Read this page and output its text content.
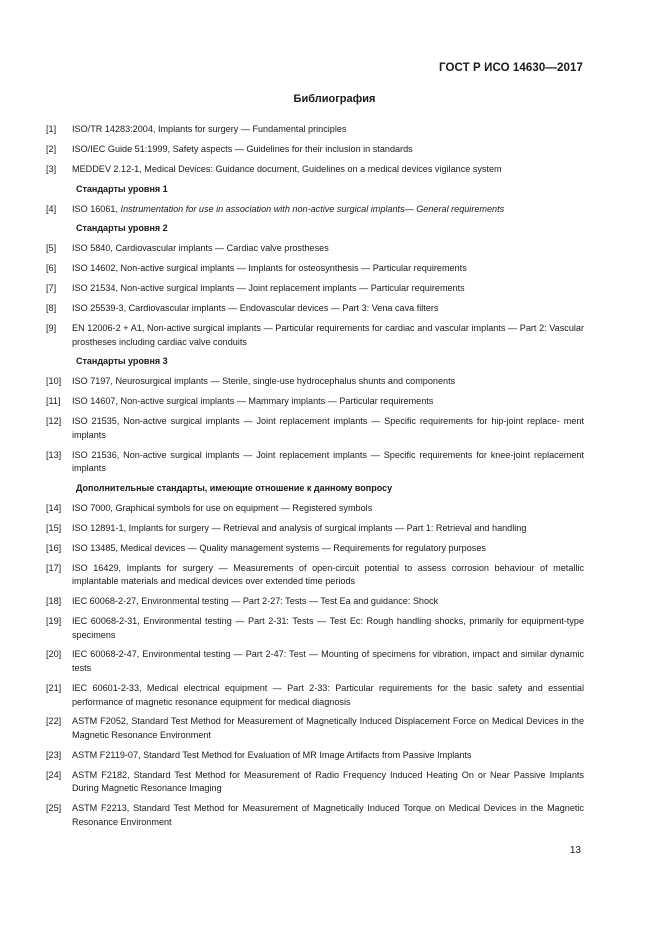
ГОСТ Р ИСО 14630—2017
Библиография
[1]	ISO/TR 14283:2004, Implants for surgery — Fundamental principles
[2]	ISO/IEC Guide 51:1999, Safety aspects — Guidelines for their inclusion in standards
[3]	MEDDEV 2.12-1, Medical Devices: Guidance document, Guidelines on a medical devices vigilance system
Стандарты уровня 1
[4]	ISO 16061, Instrumentation for use in association with non-active surgical implants— General requirements
Стандарты уровня 2
[5]	ISO 5840, Cardiovascular implants — Cardiac valve prostheses
[6]	ISO 14602, Non-active surgical implants — Implants for osteosynthesis — Particular requirements
[7]	ISO 21534, Non-active surgical implants — Joint replacement implants — Particular requirements
[8]	ISO 25539-3, Cardiovascular implants — Endovascular devices — Part 3: Vena cava filters
[9]	EN 12006-2 + A1, Non-active surgical implants — Particular requirements for cardiac and vascular implants — Part 2: Vascular prostheses including cardiac valve conduits
Стандарты уровня 3
[10]	ISO 7197, Neurosurgical implants — Sterile, single-use hydrocephalus shunts and components
[11]	ISO 14607, Non-active surgical implants — Mammary implants — Particular requirements
[12]	ISO 21535, Non-active surgical implants — Joint replacement implants — Specific requirements for hip-joint replace- ment implants
[13]	ISO 21536, Non-active surgical implants — Joint replacement implants — Specific requirements for knee-joint replacement implants
Дополнительные стандарты, имеющие отношение к данному вопросу
[14]	ISO 7000, Graphical symbols for use on equipment — Registered symbols
[15]	ISO 12891-1, Implants for surgery — Retrieval and analysis of surgical implants — Part 1: Retrieval and handling
[16]	ISO 13485, Medical devices — Quality management systems — Requirements for regulatory purposes
[17]	ISO 16429, Implants for surgery — Measurements of open-circuit potential to assess corrosion behaviour of metallic implantable materials and medical devices over extended time periods
[18]	IEC 60068-2-27, Environmental testing — Part 2-27: Tests — Test Ea and guidance: Shock
[19]	IEC 60068-2-31, Environmental testing — Part 2-31: Tests — Test Ec: Rough handling shocks, primarily for equipment-type specimens
[20]	IEC 60068-2-47, Environmental testing — Part 2-47: Test — Mounting of specimens for vibration, impact and similar dynamic tests
[21]	IEC 60601-2-33, Medical electrical equipment — Part 2-33: Particular requirements for the basic safety and essential performance of magnetic resonance equipment for medical diagnosis
[22]	ASTM F2052, Standard Test Method for Measurement of Magnetically Induced Displacement Force on Medical Devices in the Magnetic Resonance Environment
[23]	ASTM F2119-07, Standard Test Method for Evaluation of MR Image Artifacts from Passive Implants
[24]	ASTM F2182, Standard Test Method for Measurement of Radio Frequency Induced Heating On or Near Passive Implants During Magnetic Resonance Imaging
[25]	ASTM F2213, Standard Test Method for Measurement of Magnetically Induced Torque on Medical Devices in the Magnetic Resonance Environment
13
